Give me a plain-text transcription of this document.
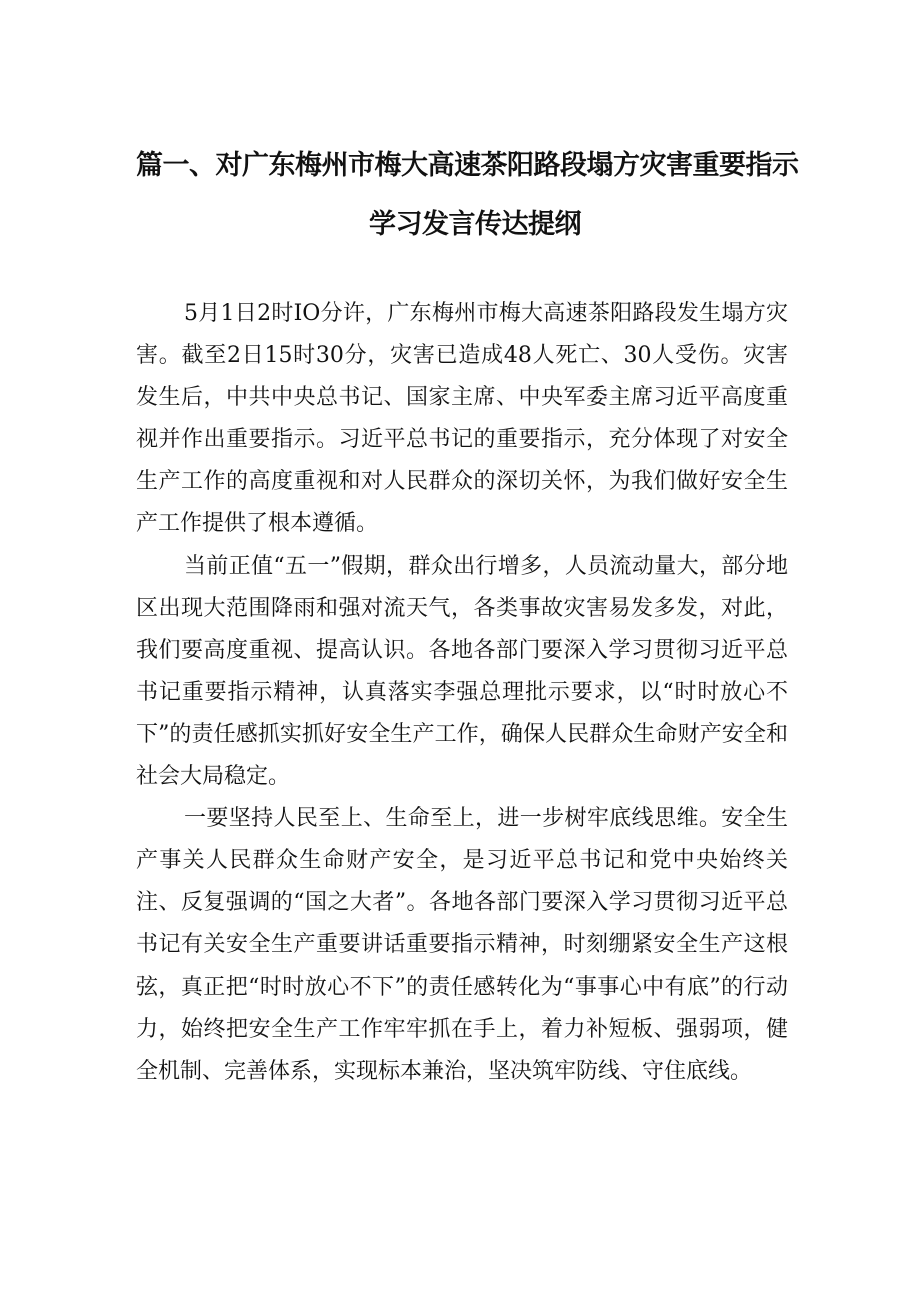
篇一、对广东梅州市梅大高速茶阳路段塌方灾害重要指示
学习发言传达提纲

5月1日2时IO分许，广东梅州市梅大高速茶阳路段发生塌方灾害。截至2日15时30分，灾害已造成48人死亡、30人受伤。灾害发生后，中共中央总书记、国家主席、中央军委主席习近平高度重视并作出重要指示。习近平总书记的重要指示，充分体现了对安全生产工作的高度重视和对人民群众的深切关怀，为我们做好安全生产工作提供了根本遵循。

当前正值“五一”假期，群众出行增多，人员流动量大，部分地区出现大范围降雨和强对流天气，各类事故灾害易发多发，对此，我们要高度重视、提高认识。各地各部门要深入学习贯彻习近平总书记重要指示精神，认真落实李强总理批示要求，以“时时放心不下”的责任感抓实抓好安全生产工作，确保人民群众生命财产安全和社会大局稳定。

一要坚持人民至上、生命至上，进一步树牢底线思维。安全生产事关人民群众生命财产安全，是习近平总书记和党中央始终关注、反复强调的“国之大者”。各地各部门要深入学习贯彻习近平总书记有关安全生产重要讲话重要指示精神，时刻绷紧安全生产这根弦，真正把“时时放心不下”的责任感转化为“事事心中有底”的行动力，始终把安全生产工作牢牢抓在手上，着力补短板、强弱项，健全机制、完善体系，实现标本兼治，坚决筑牢防线、守住底线。
